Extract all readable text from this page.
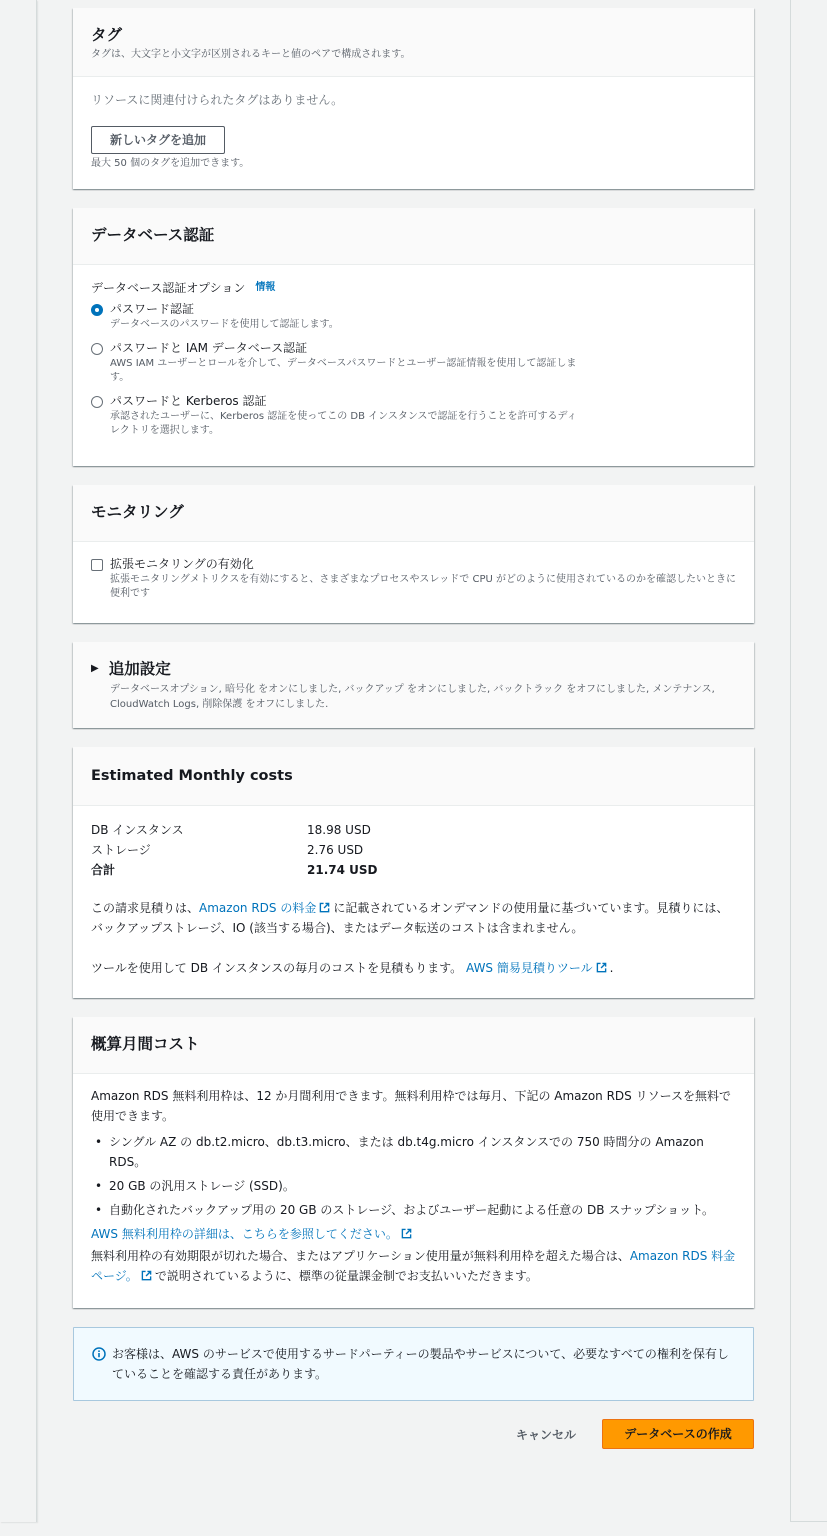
タグ

タグは、大文字と小文字が区別されるキーと値のペアで構成されます。

リソースに関連付けられたタグはありません。

新しいタグを追加

最大 50 個のタグを追加できます。

データベース認証
データベース認証オプション 情報
パスワード認証
データベースのパスワードを使用して認証します。
パスワードと IAM データベース認証
AWS IAM ユーザーとロールを介して、データベースパスワードとユーザー認証情報を使用して認証します。
パスワードと Kerberos 認証
承認されたユーザーに、Kerberos 認証を使ってこの DB インスタンスで認証を行うことを許可するディレクトリを選択します。
モニタリング
拡張モニタリングの有効化
拡張モニタリングメトリクスを有効にすると、さまざまなプロセスやスレッドで CPU がどのように使用されているのかを確認したいときに便利です
▶ 追加設定

データベースオプション, 暗号化 をオンにしました, バックアップ をオンにしました, バックトラック をオフにしました, メンテナンス, CloudWatch Logs, 削除保護 をオフにしました.

Estimated Monthly costs
DB インスタンス	18.98 USD
ストレージ	2.76 USD
合計	21.74 USD

この請求見積りは、Amazon RDS の料金 に記載されているオンデマンドの使用量に基づいています。見積りには、バックアップストレージ、IO (該当する場合)、またはデータ転送のコストは含まれません。

ツールを使用して DB インスタンスの毎月のコストを見積もります。 AWS 簡易見積りツール .

概算月間コスト

Amazon RDS 無料利用枠は、12 か月間利用できます。無料利用枠では毎月、下記の Amazon RDS リソースを無料で使用できます。

• シングル AZ の db.t2.micro、db.t3.micro、または db.t4g.micro インスタンスでの 750 時間分の Amazon RDS。
• 20 GB の汎用ストレージ (SSD)。
• 自動化されたバックアップ用の 20 GB のストレージ、およびユーザー起動による任意の DB スナップショット。

AWS 無料利用枠の詳細は、こちらを参照してください。

無料利用枠の有効期限が切れた場合、またはアプリケーション使用量が無料利用枠を超えた場合は、Amazon RDS 料金ページ。 で説明されているように、標準の従量課金制でお支払いいただきます。

お客様は、AWS のサービスで使用するサードパーティーの製品やサービスについて、必要なすべての権利を保有していることを確認する責任があります。

キャンセル	データベースの作成
